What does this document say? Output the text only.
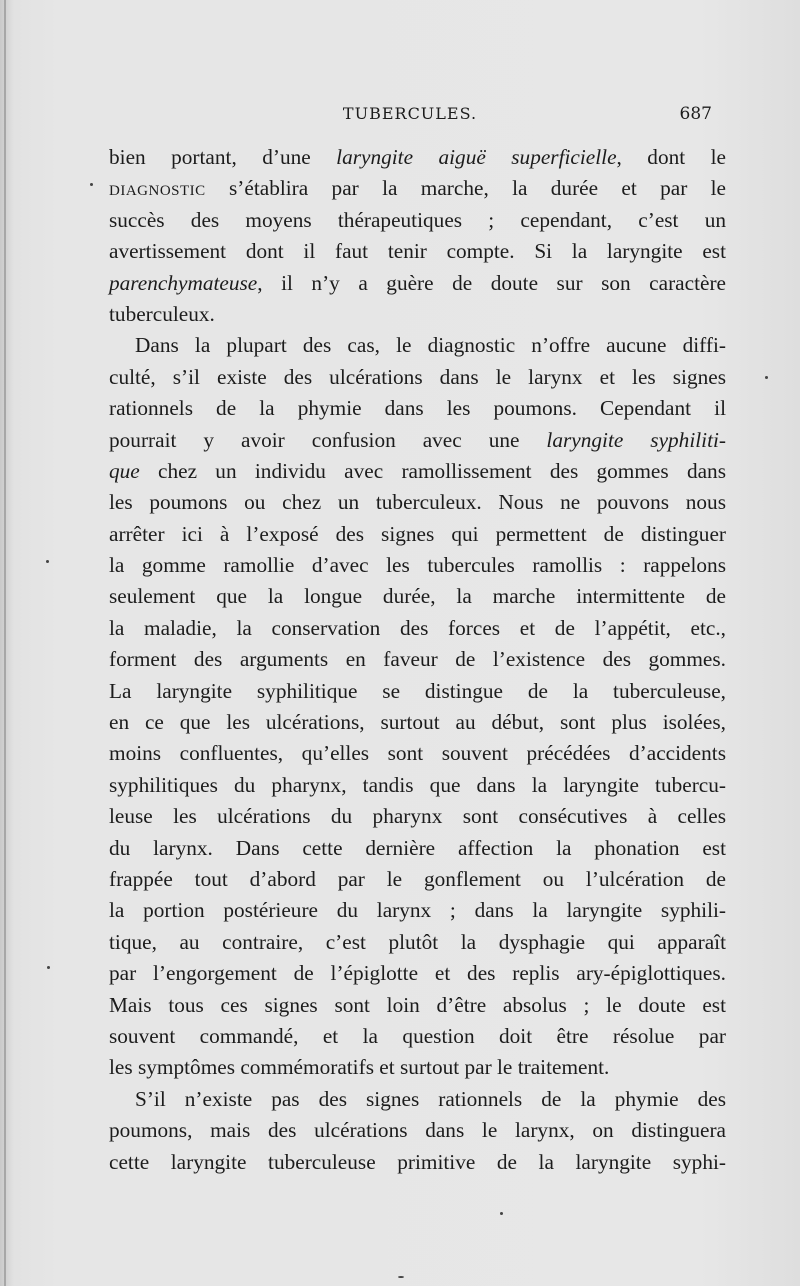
TUBERCULES.	687
bien portant, d’une laryngite aiguë superficielle, dont le
DIAGNOSTIC s’établira par la marche, la durée et par le
succès des moyens thérapeutiques ; cependant, c’est un
avertissement dont il faut tenir compte. Si la laryngite est
parenchymateuse, il n’y a guère de doute sur son caractère
tuberculeux.
Dans la plupart des cas, le diagnostic n’offre aucune diffi-
culté, s’il existe des ulcérations dans le larynx et les signes
rationnels de la phymie dans les poumons. Cependant il
pourrait y avoir confusion avec une laryngite syphiliti-
que chez un individu avec ramollissement des gommes dans
les poumons ou chez un tuberculeux. Nous ne pouvons nous
arrêter ici à l’exposé des signes qui permettent de distinguer
la gomme ramollie d’avec les tubercules ramollis : rappelons
seulement que la longue durée, la marche intermittente de
la maladie, la conservation des forces et de l’appétit, etc.,
forment des arguments en faveur de l’existence des gommes.
La laryngite syphilitique se distingue de la tuberculeuse,
en ce que les ulcérations, surtout au début, sont plus isolées,
moins confluentes, qu’elles sont souvent précédées d’accidents
syphilitiques du pharynx, tandis que dans la laryngite tubercu-
leuse les ulcérations du pharynx sont consécutives à celles
du larynx. Dans cette dernière affection la phonation est
frappée tout d’abord par le gonflement ou l’ulcération de
la portion postérieure du larynx ; dans la laryngite syphili-
tique, au contraire, c’est plutôt la dysphagie qui apparaît
par l’engorgement de l’épiglotte et des replis ary-épiglottiques.
Mais tous ces signes sont loin d’être absolus ; le doute est
souvent commandé, et la question doit être résolue par
les symptômes commémoratifs et surtout par le traitement.
S’il n’existe pas des signes rationnels de la phymie des
poumons, mais des ulcérations dans le larynx, on distinguera
cette laryngite tuberculeuse primitive de la laryngite syphi-
